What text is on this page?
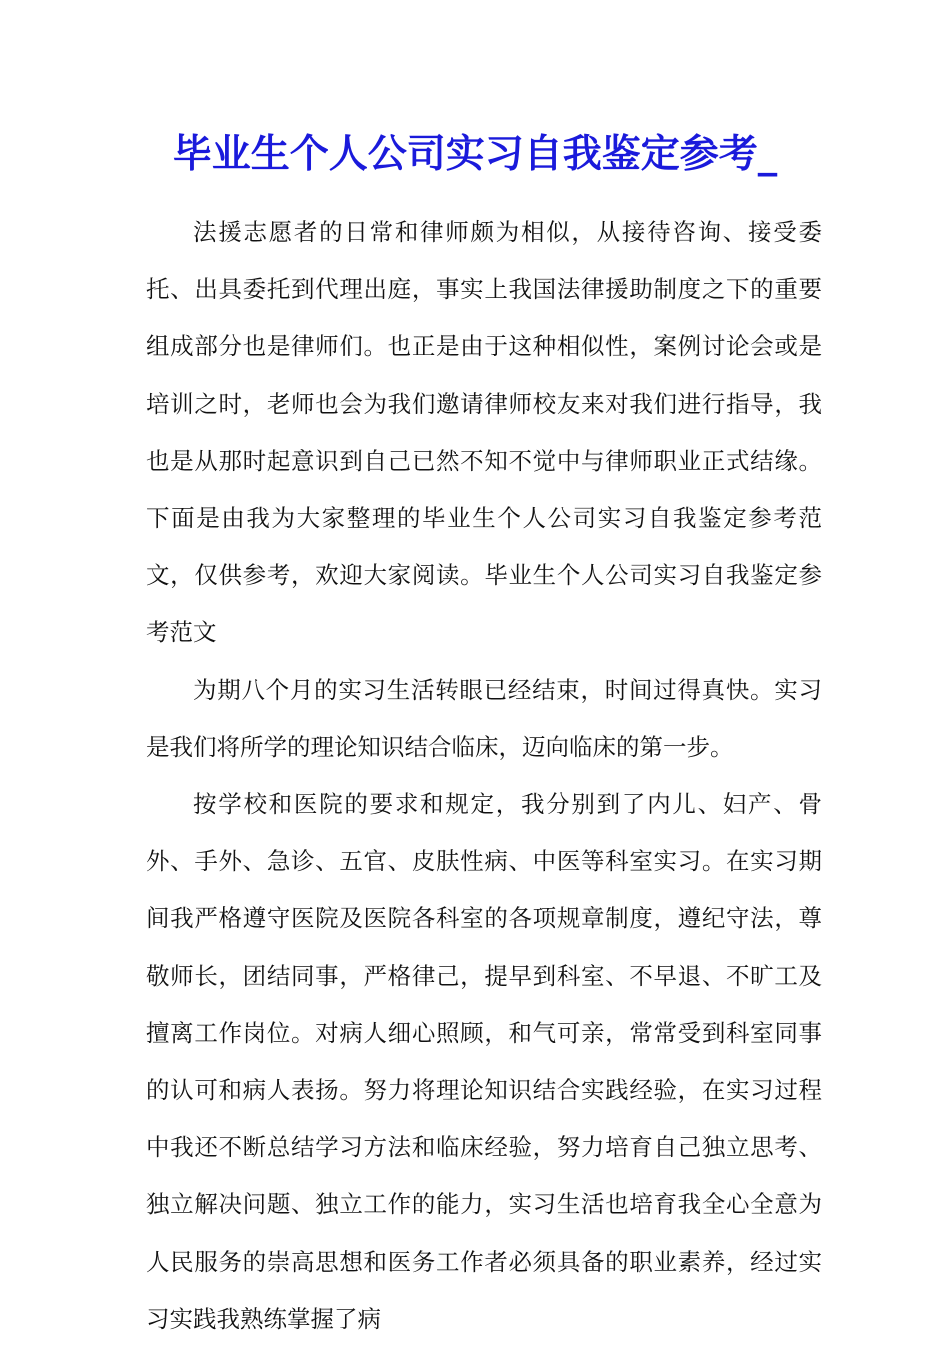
毕业生个人公司实习自我鉴定参考_

法援志愿者的日常和律师颇为相似，从接待咨询、接受委托、出具委托到代理出庭，事实上我国法律援助制度之下的重要组成部分也是律师们。也正是由于这种相似性，案例讨论会或是培训之时，老师也会为我们邀请律师校友来对我们进行指导，我也是从那时起意识到自己已然不知不觉中与律师职业正式结缘。下面是由我为大家整理的毕业生个人公司实习自我鉴定参考范文，仅供参考，欢迎大家阅读。毕业生个人公司实习自我鉴定参考范文

为期八个月的实习生活转眼已经结束，时间过得真快。实习是我们将所学的理论知识结合临床，迈向临床的第一步。

按学校和医院的要求和规定，我分别到了内儿、妇产、骨外、手外、急诊、五官、皮肤性病、中医等科室实习。在实习期间我严格遵守医院及医院各科室的各项规章制度，遵纪守法，尊敬师长，团结同事，严格律己，提早到科室、不早退、不旷工及擅离工作岗位。对病人细心照顾，和气可亲，常常受到科室同事的认可和病人表扬。努力将理论知识结合实践经验，在实习过程中我还不断总结学习方法和临床经验，努力培育自己独立思考、独立解决问题、独立工作的能力，实习生活也培育我全心全意为人民服务的崇高思想和医务工作者必须具备的职业素养，经过实习实践我熟练掌握了病
